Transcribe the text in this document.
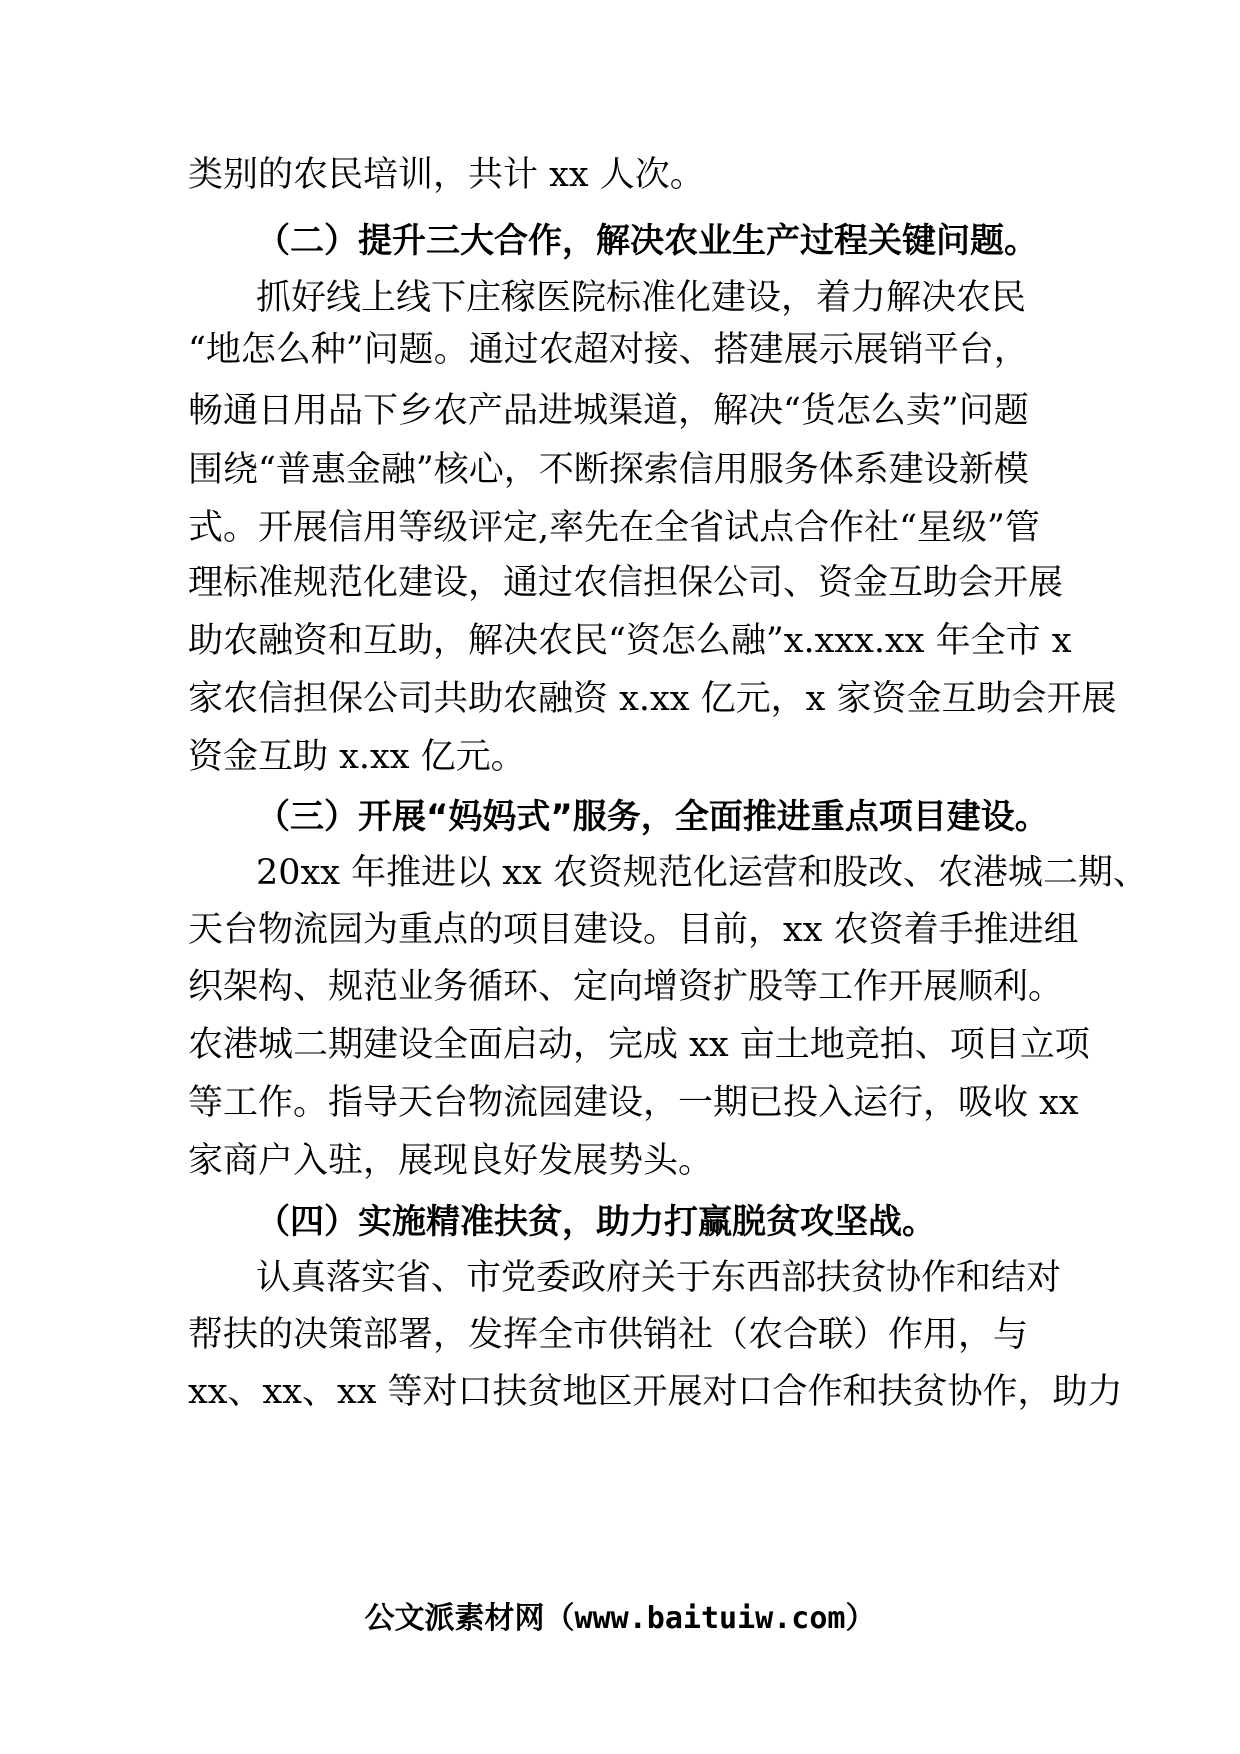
类别的农民培训，共计 xx 人次。
（二）提升三大合作，解决农业生产过程关键问题。
抓好线上线下庄稼医院标准化建设，着力解决农民
“地怎么种”问题。通过农超对接、搭建展示展销平台，
畅通日用品下乡农产品进城渠道，解决“货怎么卖”问题
围绕“普惠金融”核心，不断探索信用服务体系建设新模
式。开展信用等级评定,率先在全省试点合作社“星级”管
理标准规范化建设，通过农信担保公司、资金互助会开展
助农融资和互助，解决农民“资怎么融”x.xxx.xx 年全市 x
家农信担保公司共助农融资 x.xx 亿元，x 家资金互助会开展
资金互助 x.xx 亿元。
（三）开展“妈妈式”服务，全面推进重点项目建设。
20xx 年推进以 xx 农资规范化运营和股改、农港城二期、
天台物流园为重点的项目建设。目前，xx 农资着手推进组
织架构、规范业务循环、定向增资扩股等工作开展顺利。
农港城二期建设全面启动，完成 xx 亩土地竞拍、项目立项
等工作。指导天台物流园建设，一期已投入运行，吸收 xx
家商户入驻，展现良好发展势头。
（四）实施精准扶贫，助力打赢脱贫攻坚战。
认真落实省、市党委政府关于东西部扶贫协作和结对
帮扶的决策部署，发挥全市供销社（农合联）作用，与
xx、xx、xx 等对口扶贫地区开展对口合作和扶贫协作，助力
公文派素材网（www.baituiw.com）
